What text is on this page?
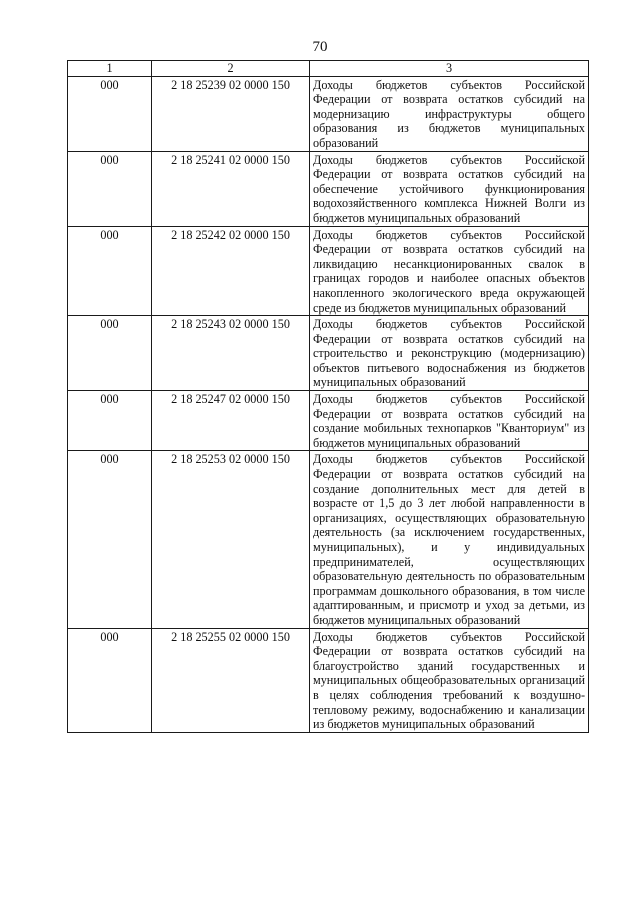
70
1	2	3
000	2 18 25239 02 0000 150	Доходы бюджетов субъектов Российской Федерации от возврата остатков субсидий на модернизацию инфраструктуры общего образования из бюджетов муниципальных образований
000	2 18 25241 02 0000 150	Доходы бюджетов субъектов Российской Федерации от возврата остатков субсидий на обеспечение устойчивого функционирования водохозяйственного комплекса Нижней Волги из бюджетов муниципальных образований
000	2 18 25242 02 0000 150	Доходы бюджетов субъектов Российской Федерации от возврата остатков субсидий на ликвидацию несанкционированных свалок в границах городов и наиболее опасных объектов накопленного экологического вреда окружающей среде из бюджетов муниципальных образований
000	2 18 25243 02 0000 150	Доходы бюджетов субъектов Российской Федерации от возврата остатков субсидий на строительство и реконструкцию (модернизацию) объектов питьевого водоснабжения из бюджетов муниципальных образований
000	2 18 25247 02 0000 150	Доходы бюджетов субъектов Российской Федерации от возврата остатков субсидий на создание мобильных технопарков "Кванториум" из бюджетов муниципальных образований
000	2 18 25253 02 0000 150	Доходы бюджетов субъектов Российской Федерации от возврата остатков субсидий на создание дополнительных мест для детей в возрасте от 1,5 до 3 лет любой направленности в организациях, осуществляющих образовательную деятельность (за исключением государственных, муниципальных), и у индивидуальных предпринимателей, осуществляющих образовательную деятельность по образовательным программам дошкольного образования, в том числе адаптированным, и присмотр и уход за детьми, из бюджетов муниципальных образований
000	2 18 25255 02 0000 150	Доходы бюджетов субъектов Российской Федерации от возврата остатков субсидий на благоустройство зданий государственных и муниципальных общеобразовательных организаций в целях соблюдения требований к воздушно-тепловому режиму, водоснабжению и канализации из бюджетов муниципальных образований
